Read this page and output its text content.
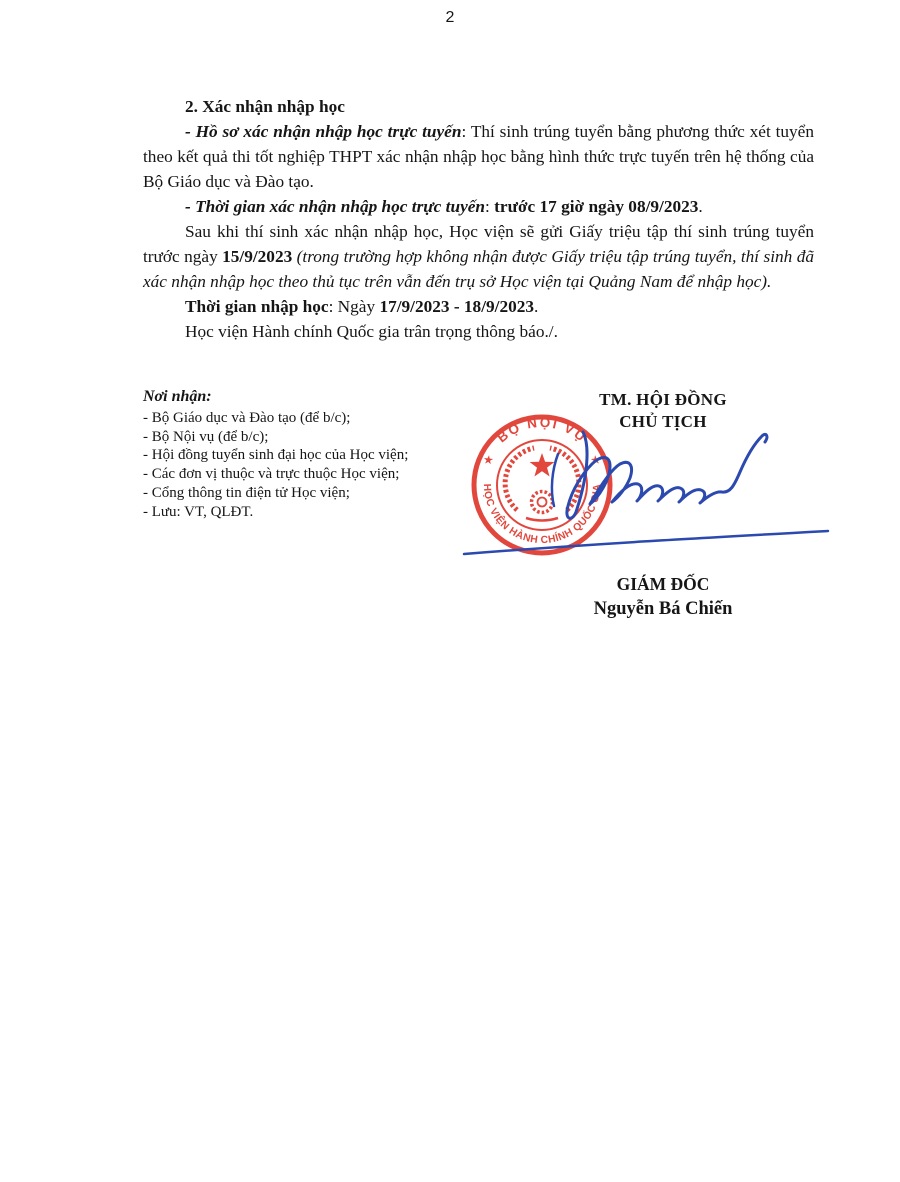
2

2. Xác nhận nhập học

- Hồ sơ xác nhận nhập học trực tuyến: Thí sinh trúng tuyển bằng phương thức xét tuyển theo kết quả thi tốt nghiệp THPT xác nhận nhập học bằng hình thức trực tuyến trên hệ thống của Bộ Giáo dục và Đào tạo.

- Thời gian xác nhận nhập học trực tuyến: trước 17 giờ ngày 08/9/2023.

Sau khi thí sinh xác nhận nhập học, Học viện sẽ gửi Giấy triệu tập thí sinh trúng tuyển trước ngày 15/9/2023 (trong trường hợp không nhận được Giấy triệu tập trúng tuyển, thí sinh đã xác nhận nhập học theo thủ tục trên vẫn đến trụ sở Học viện tại Quảng Nam để nhập học).

Thời gian nhập học: Ngày 17/9/2023 - 18/9/2023.

Học viện Hành chính Quốc gia trân trọng thông báo./.

Nơi nhận:
- Bộ Giáo dục và Đào tạo (để b/c);
- Bộ Nội vụ (để b/c);
- Hội đồng tuyển sinh đại học của Học viện;
- Các đơn vị thuộc và trực thuộc Học viện;
- Cổng thông tin điện tử Học viện;
- Lưu: VT, QLĐT.
TM. HỘI ĐỒNG
CHỦ TỊCH
BỘ NỘI VỤ
HỌC VIỆN HÀNH CHÍNH QUỐC GIA
★	★
GIÁM ĐỐC
Nguyễn Bá Chiến
